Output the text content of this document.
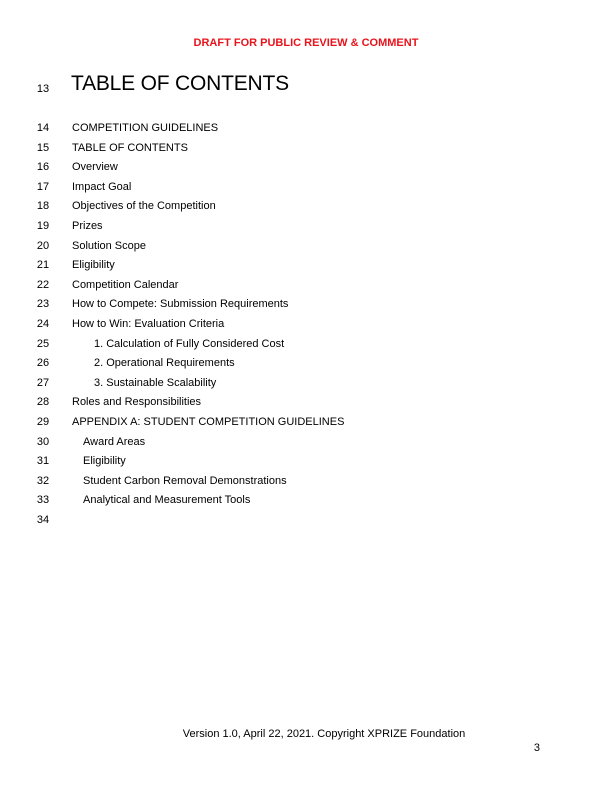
DRAFT FOR PUBLIC REVIEW & COMMENT
13	TABLE OF CONTENTS
14	COMPETITION GUIDELINES
15	TABLE OF CONTENTS
16	Overview
17	Impact Goal
18	Objectives of the Competition
19	Prizes
20	Solution Scope
21	Eligibility
22	Competition Calendar
23	How to Compete: Submission Requirements
24	How to Win: Evaluation Criteria
25	1. Calculation of Fully Considered Cost
26	2. Operational Requirements
27	3. Sustainable Scalability
28	Roles and Responsibilities
29	APPENDIX A: STUDENT COMPETITION GUIDELINES
30	Award Areas
31	Eligibility
32	Student Carbon Removal Demonstrations
33	Analytical and Measurement Tools
34
Version 1.0, April 22, 2021. Copyright XPRIZE Foundation
3
